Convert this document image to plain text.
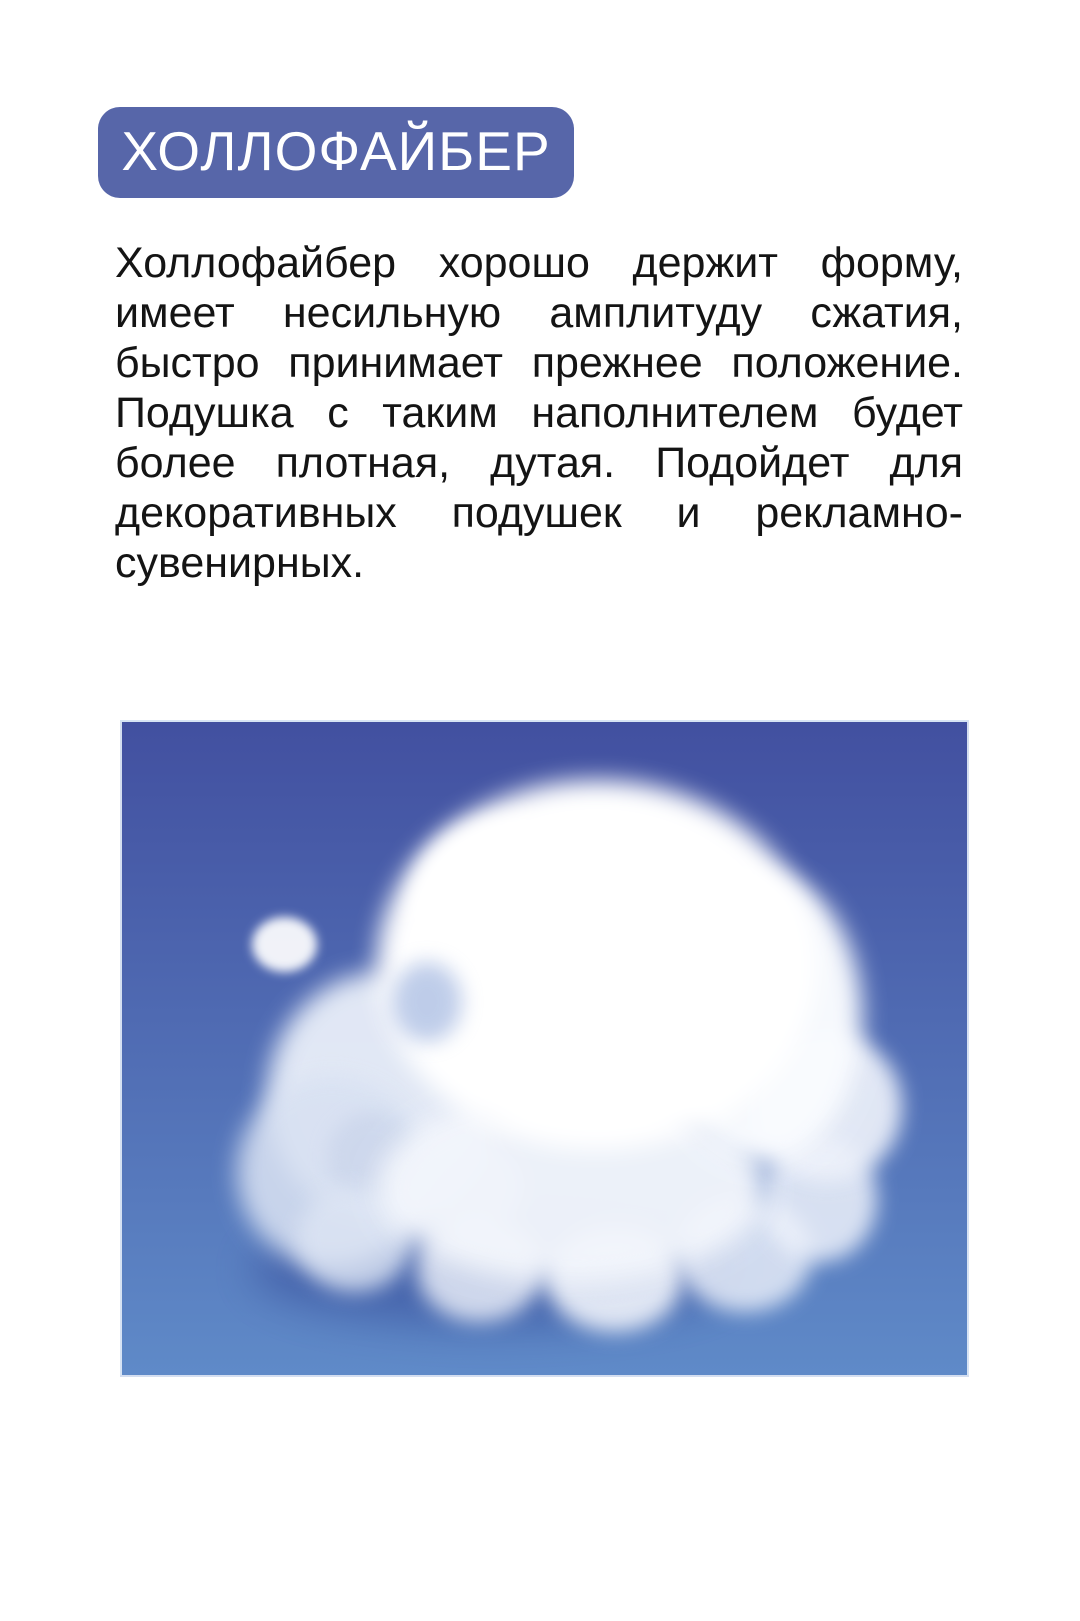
ХОЛЛОФАЙБЕР
Холлофайбер хорошо держит форму,
имеет несильную амплитуду сжатия,
быстро принимает прежнее положение.
Подушка с таким наполнителем будет
более плотная, дутая. Подойдет для
декоративных подушек и рекламно-
сувенирных.
